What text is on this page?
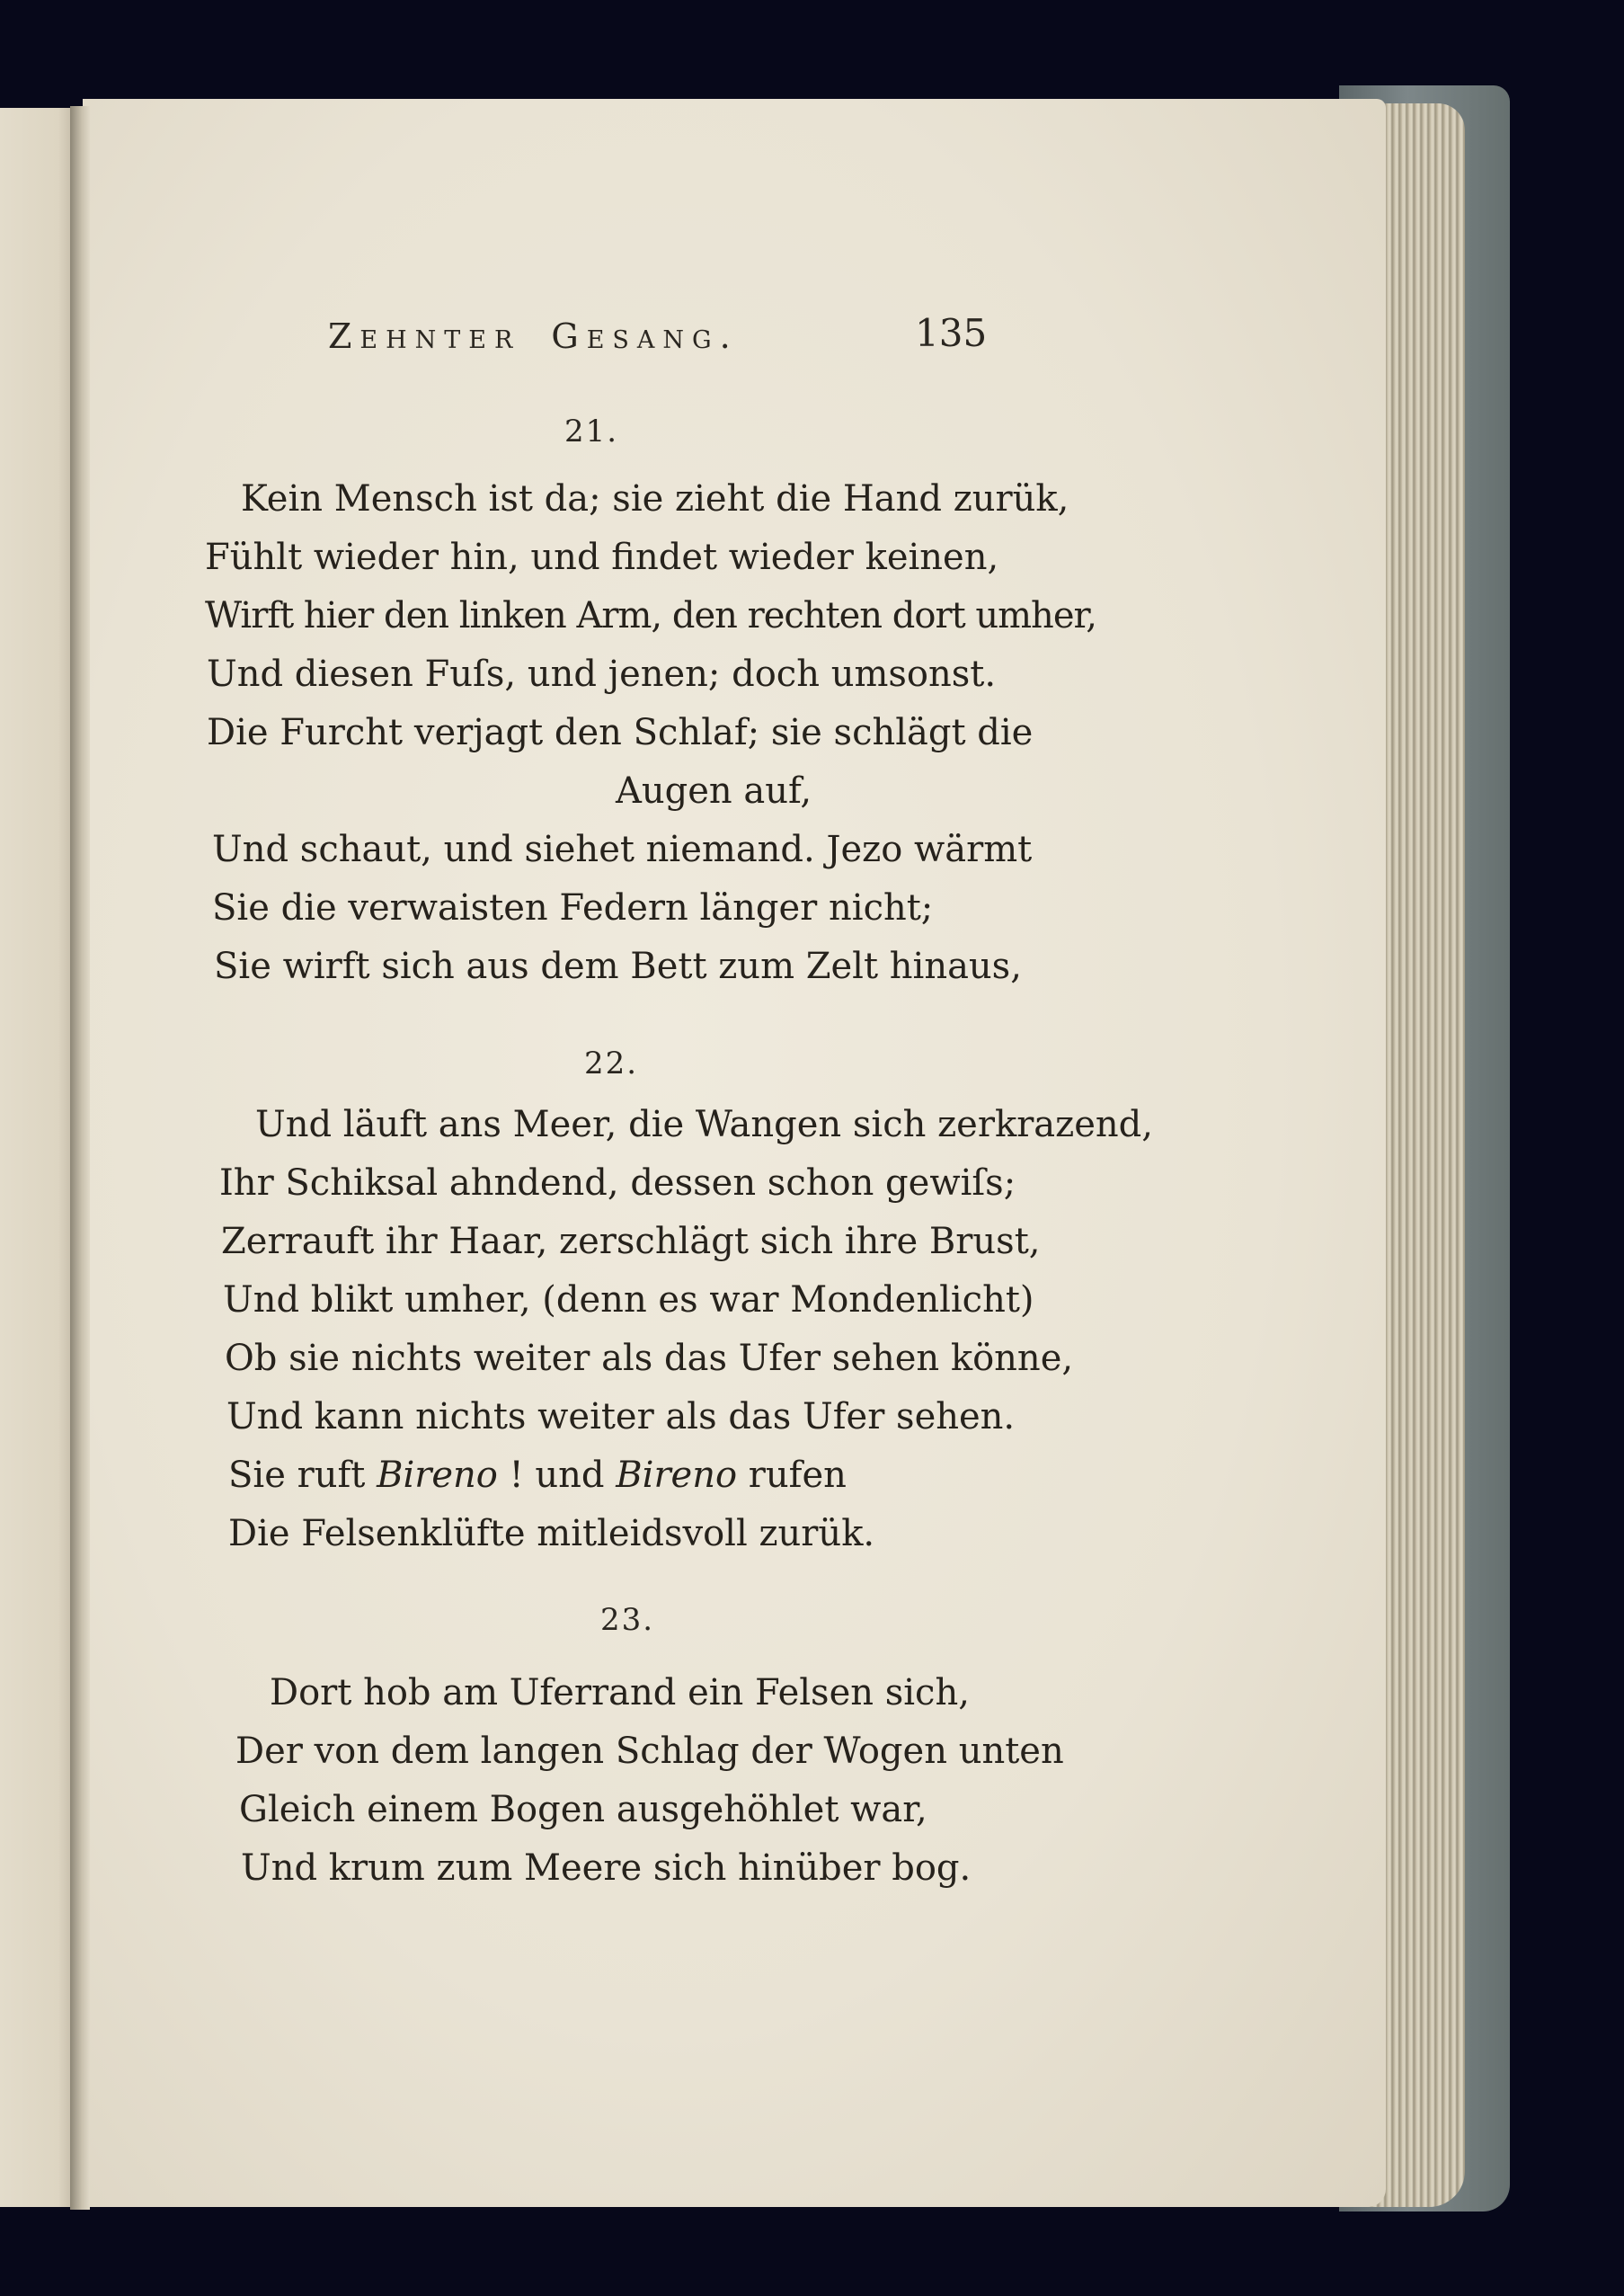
Zehnter Gesang.	135
21.
Kein Mensch ist da; sie zieht die Hand zurük,
Fühlt wieder hin, und findet wieder keinen,
Wirft hier den linken Arm, den rechten dort umher,
Und diesen Fuſs, und jenen; doch umsonst.
Die Furcht verjagt den Schlaf; sie schlägt die
Augen auf,
Und schaut, und siehet niemand. Jezo wärmt
Sie die verwaisten Federn länger nicht;
Sie wirft sich aus dem Bett zum Zelt hinaus,
22.
Und läuft ans Meer, die Wangen sich zerkrazend,
Ihr Schiksal ahndend, dessen schon gewiſs;
Zerrauft ihr Haar, zerschlägt sich ihre Brust,
Und blikt umher, (denn es war Mondenlicht)
Ob sie nichts weiter als das Ufer sehen könne,
Und kann nichts weiter als das Ufer sehen.
Sie ruft Bireno ! und Bireno rufen
Die Felsenklüfte mitleidsvoll zurük.
23.
Dort hob am Uferrand ein Felsen sich,
Der von dem langen Schlag der Wogen unten
Gleich einem Bogen ausgehöhlet war,
Und krum zum Meere sich hinüber bog.
